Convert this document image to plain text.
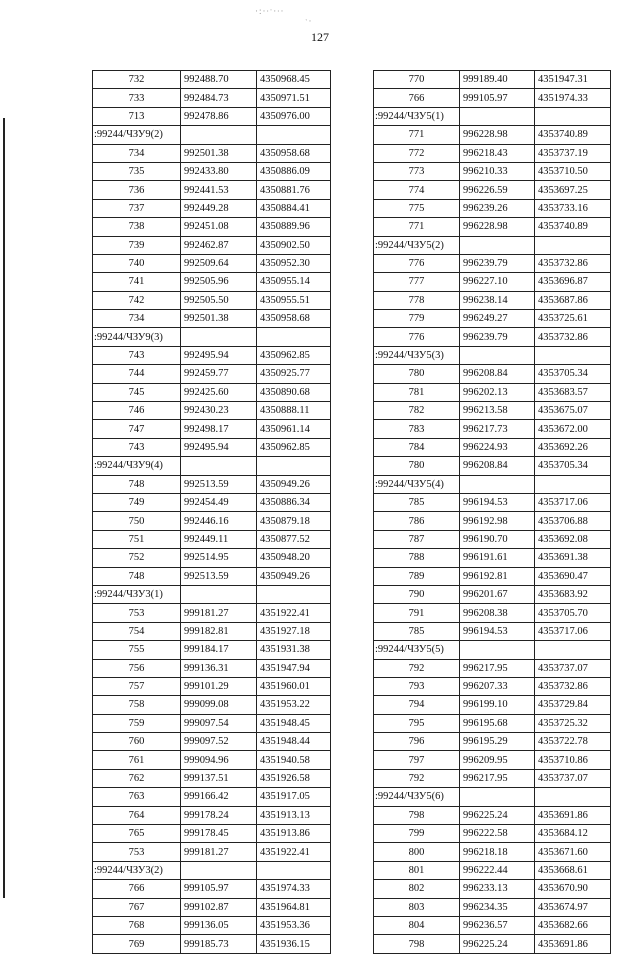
·:·∙ˑ·∙·
ˑ·
127
732	992488.70	4350968.45
733	992484.73	4350971.51
713	992478.86	4350976.00
:99244/ЧЗУ9(2)		
734	992501.38	4350958.68
735	992433.80	4350886.09
736	992441.53	4350881.76
737	992449.28	4350884.41
738	992451.08	4350889.96
739	992462.87	4350902.50
740	992509.64	4350952.30
741	992505.96	4350955.14
742	992505.50	4350955.51
734	992501.38	4350958.68
:99244/ЧЗУ9(3)		
743	992495.94	4350962.85
744	992459.77	4350925.77
745	992425.60	4350890.68
746	992430.23	4350888.11
747	992498.17	4350961.14
743	992495.94	4350962.85
:99244/ЧЗУ9(4)		
748	992513.59	4350949.26
749	992454.49	4350886.34
750	992446.16	4350879.18
751	992449.11	4350877.52
752	992514.95	4350948.20
748	992513.59	4350949.26
:99244/ЧЗУ3(1)		
753	999181.27	4351922.41
754	999182.81	4351927.18
755	999184.17	4351931.38
756	999136.31	4351947.94
757	999101.29	4351960.01
758	999099.08	4351953.22
759	999097.54	4351948.45
760	999097.52	4351948.44
761	999094.96	4351940.58
762	999137.51	4351926.58
763	999166.42	4351917.05
764	999178.24	4351913.13
765	999178.45	4351913.86
753	999181.27	4351922.41
:99244/ЧЗУ3(2)		
766	999105.97	4351974.33
767	999102.87	4351964.81
768	999136.05	4351953.36
769	999185.73	4351936.15
770	999189.40	4351947.31
766	999105.97	4351974.33
:99244/ЧЗУ5(1)		
771	996228.98	4353740.89
772	996218.43	4353737.19
773	996210.33	4353710.50
774	996226.59	4353697.25
775	996239.26	4353733.16
771	996228.98	4353740.89
:99244/ЧЗУ5(2)		
776	996239.79	4353732.86
777	996227.10	4353696.87
778	996238.14	4353687.86
779	996249.27	4353725.61
776	996239.79	4353732.86
:99244/ЧЗУ5(3)		
780	996208.84	4353705.34
781	996202.13	4353683.57
782	996213.58	4353675.07
783	996217.73	4353672.00
784	996224.93	4353692.26
780	996208.84	4353705.34
:99244/ЧЗУ5(4)		
785	996194.53	4353717.06
786	996192.98	4353706.88
787	996190.70	4353692.08
788	996191.61	4353691.38
789	996192.81	4353690.47
790	996201.67	4353683.92
791	996208.38	4353705.70
785	996194.53	4353717.06
:99244/ЧЗУ5(5)		
792	996217.95	4353737.07
793	996207.33	4353732.86
794	996199.10	4353729.84
795	996195.68	4353725.32
796	996195.29	4353722.78
797	996209.95	4353710.86
792	996217.95	4353737.07
:99244/ЧЗУ5(6)		
798	996225.24	4353691.86
799	996222.58	4353684.12
800	996218.18	4353671.60
801	996222.44	4353668.61
802	996233.13	4353670.90
803	996234.35	4353674.97
804	996236.57	4353682.66
798	996225.24	4353691.86
